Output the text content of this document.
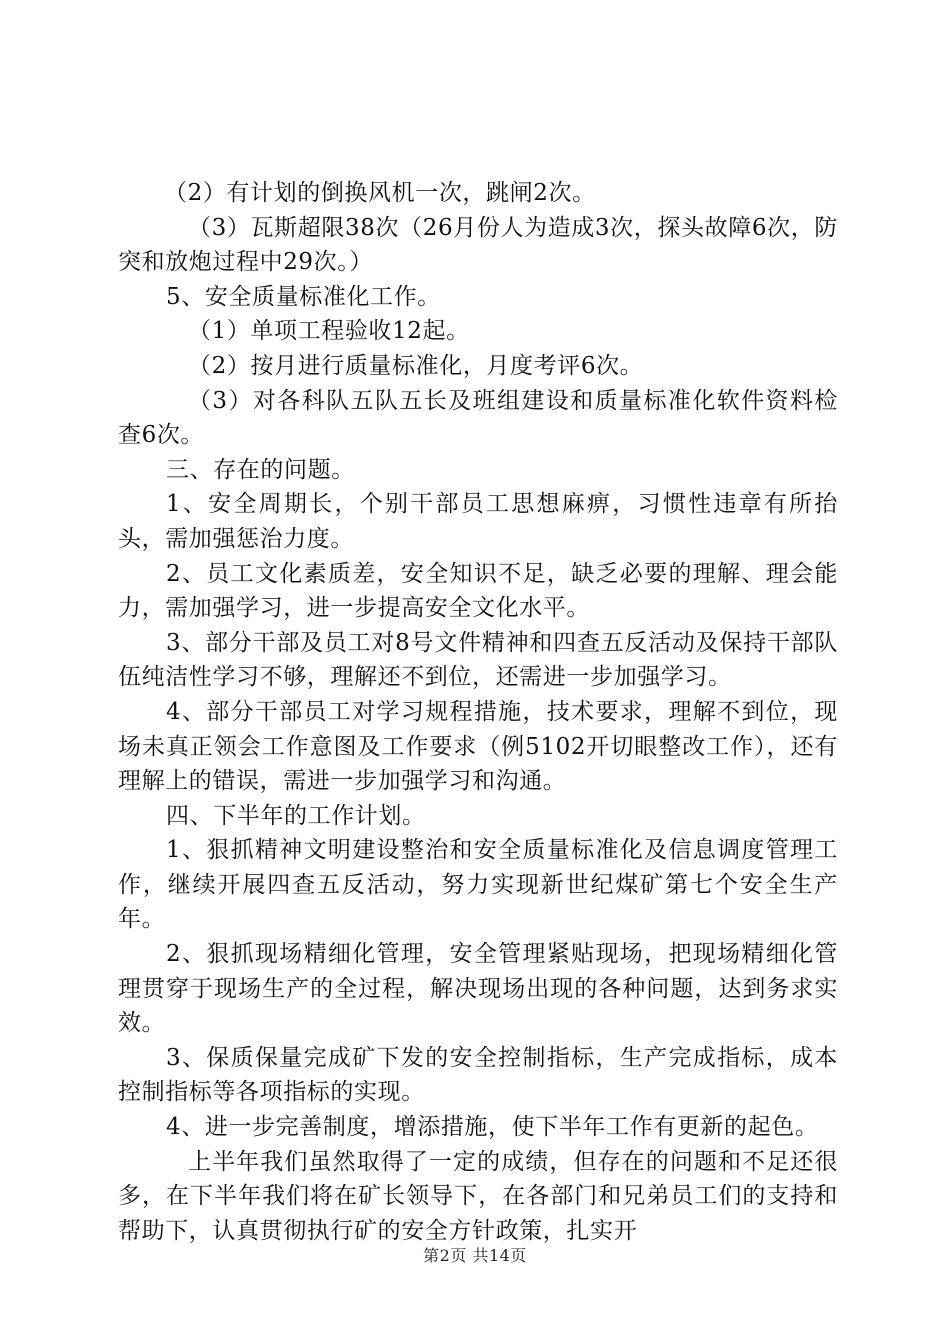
（2）有计划的倒换风机一次，跳闸2次。

（3）瓦斯超限38次（26月份人为造成3次，探头故障6次，防突和放炮过程中29次。）

5、安全质量标准化工作。

（1）单项工程验收12起。

（2）按月进行质量标准化，月度考评6次。

（3）对各科队五队五长及班组建设和质量标准化软件资料检查6次。

三、存在的问题。

1、安全周期长，个别干部员工思想麻痹，习惯性违章有所抬头，需加强惩治力度。

2、员工文化素质差，安全知识不足，缺乏必要的理解、理会能力，需加强学习，进一步提高安全文化水平。

3、部分干部及员工对8号文件精神和四查五反活动及保持干部队伍纯洁性学习不够，理解还不到位，还需进一步加强学习。

4、部分干部员工对学习规程措施，技术要求，理解不到位，现场未真正领会工作意图及工作要求（例5102开切眼整改工作），还有理解上的错误，需进一步加强学习和沟通。

四、下半年的工作计划。

1、狠抓精神文明建设整治和安全质量标准化及信息调度管理工作，继续开展四查五反活动，努力实现新世纪煤矿第七个安全生产年。

2、狠抓现场精细化管理，安全管理紧贴现场，把现场精细化管理贯穿于现场生产的全过程，解决现场出现的各种问题，达到务求实效。

3、保质保量完成矿下发的安全控制指标，生产完成指标，成本控制指标等各项指标的实现。

4、进一步完善制度，增添措施，使下半年工作有更新的起色。

上半年我们虽然取得了一定的成绩，但存在的问题和不足还很多，在下半年我们将在矿长领导下，在各部门和兄弟员工们的支持和帮助下，认真贯彻执行矿的安全方针政策，扎实开

第2页 共14页
